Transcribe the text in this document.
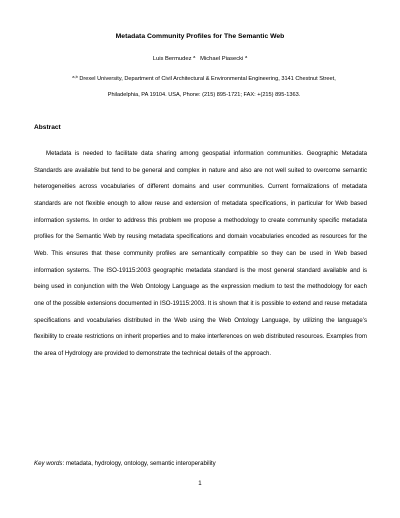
Metadata Community Profiles for The Semantic Web
Luis Bermudez $^a$ Michael Piasecki $^a$
$^{a,b}$ Drexel University, Department of Civil Architectural & Environmental Engineering, 3141 Chestnut Street,
Philadelphia, PA 19104. USA, Phone: (215) 895-1721; FAX: +(215) 895-1363.
Abstract

Metadata is needed to facilitate data sharing among geospatial information communities. Geographic Metadata Standards are available but tend to be general and complex in nature and also are not well suited to overcome semantic heterogeneities across vocabularies of different domains and user communities. Current formalizations of metadata standards are not flexible enough to allow reuse and extension of metadata specifications, in particular for Web based information systems. In order to address this problem we propose a methodology to create community specific metadata profiles for the Semantic Web by reusing metadata specifications and domain vocabularies encoded as resources for the Web. This ensures that these community profiles are semantically compatible so they can be used in Web based information systems. The ISO-19115:2003 geographic metadata standard is the most general standard available and is being used in conjunction with the Web Ontology Language as the expression medium to test the methodology for each one of the possible extensions documented in ISO-19115:2003. It is shown that it is possible to extend and reuse metadata specifications and vocabularies distributed in the Web using the Web Ontology Language, by utilizing the language’s flexibility to create restrictions on inherit properties and to make interferences on web distributed resources. Examples from the area of Hydrology are provided to demonstrate the technical details of the approach.

Key words: metadata, hydrology, ontology, semantic interoperability
1
